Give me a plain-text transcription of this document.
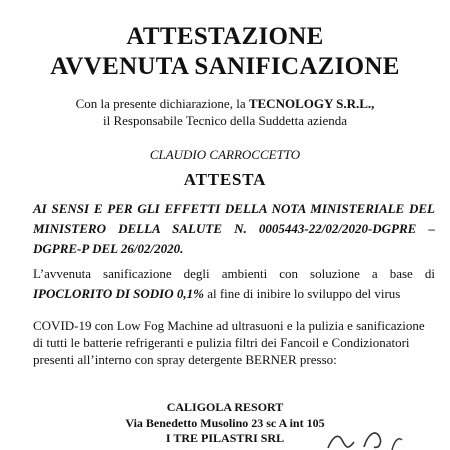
ATTESTAZIONE
AVVENUTA SANIFICAZIONE
Con la presente dichiarazione, la TECNOLOGY S.R.L.,
il Responsabile Tecnico della Suddetta azienda
CLAUDIO CARROCCETTO
ATTESTA
AI SENSI E PER GLI EFFETTI DELLA NOTA MINISTERIALE DEL MINISTERO DELLA SALUTE N. 0005443-22/02/2020-DGPRE – DGPRE-P DEL 26/02/2020.
L’avvenuta sanificazione degli ambienti con soluzione a base di IPOCLORITO DI SODIO 0,1% al fine di inibire lo sviluppo del virus
COVID-19 con Low Fog Machine ad ultrasuoni e la pulizia e sanificazione di tutti le batterie refrigeranti e pulizia filtri dei Fancoil e Condizionatori presenti all’interno con spray detergente BERNER presso:
CALIGOLA RESORT
Via Benedetto Musolino 23 sc A int 105
I TRE PILASTRI SRL
